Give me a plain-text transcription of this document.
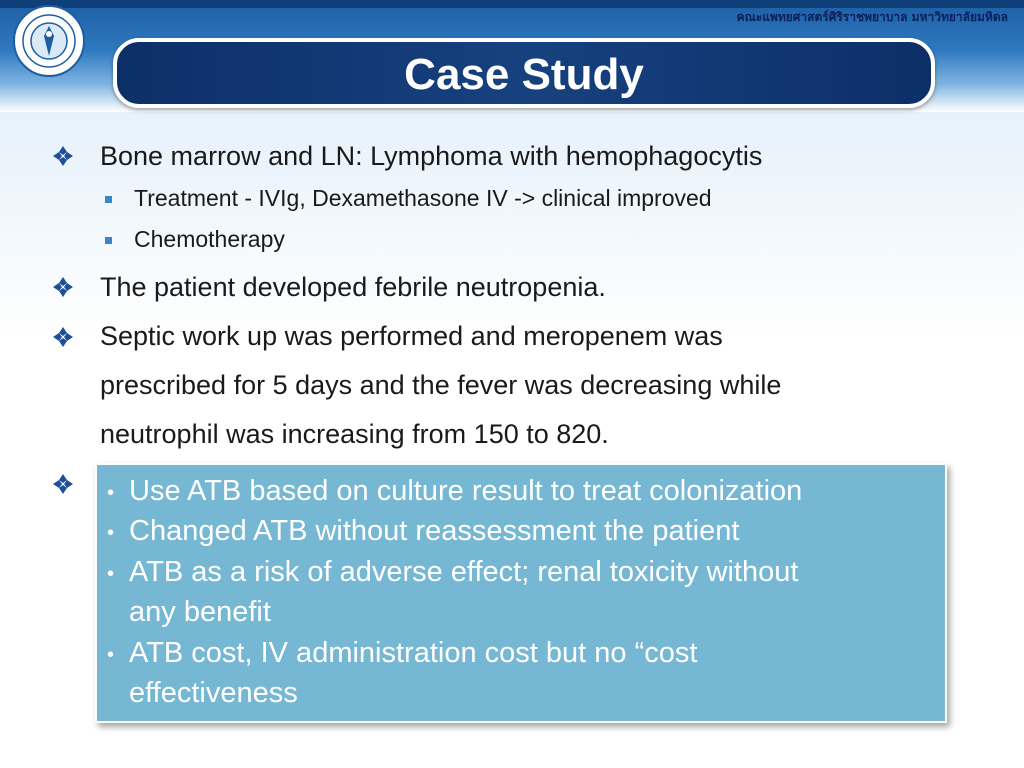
คณะแพทยศาสตร์ศิริราชพยาบาล มหาวิทยาลัยมหิดล
Case Study
Bone marrow and LN: Lymphoma with hemophagocytis
Treatment - IVIg, Dexamethasone IV -> clinical improved
Chemotherapy
The patient developed febrile neutropenia.
Septic work up was performed and meropenem was
prescribed for 5 days and the fever was decreasing while
neutrophil was increasing from 150 to 820.
• Use ATB based on culture result to treat colonization
• Changed ATB without reassessment the patient
• ATB as a risk of adverse effect; renal toxicity without
any benefit
• ATB cost, IV administration cost but no “cost
effectiveness
